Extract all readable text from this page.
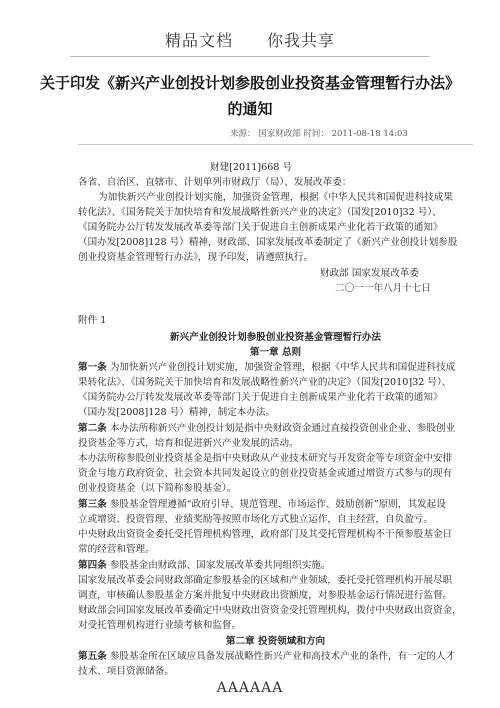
精品文档 你我共享
关于印发《新兴产业创投计划参股创业投资基金管理暂行办法》
的通知
来源： 国家财政部 时间： 2011-08-18 14:03
财建[2011]668 号
各省、自治区、直辖市、计划单列市财政厅（局）、发展改革委：
为加快新兴产业创投计划实施，加强资金管理，根据《中华人民共和国促进科技成果
转化法》、《国务院关于加快培育和发展战略性新兴产业的决定》（国发[2010]32 号）、
《国务院办公厅转发发展改革委等部门关于促进自主创新成果产业化若干政策的通知》
（国办发[2008]128 号）精神，财政部、国家发展改革委制定了《新兴产业创投计划参股
创业投资基金管理暂行办法》，现予印发，请遵照执行。
财政部 国家发展改革委
二〇一一年八月十七日
附件 1
新兴产业创投计划参股创业投资基金管理暂行办法
第一章 总则
第一条 为加快新兴产业创投计划实施，加强资金管理，根据《中华人民共和国促进科技成
果转化法》、《国务院关于加快培育和发展战略性新兴产业的决定》（国发[2010]32 号）、
《国务院办公厅转发发展改革委等部门关于促进自主创新成果产业化若干政策的通知》
（国办发[2008]128 号）精神，制定本办法。
第二条 本办法所称新兴产业创投计划是指中央财政资金通过直接投资创业企业、参股创业
投资基金等方式，培育和促进新兴产业发展的活动。
本办法所称参股创业投资基金是指中央财政从产业技术研究与开发资金等专项资金中安排
资金与地方政府资金、社会资本共同发起设立的创业投资基金或通过增资方式参与的现有
创业投资基金（以下简称参股基金）。
第三条 参股基金管理遵循“政府引导、规范管理、市场运作、鼓励创新”原则，其发起设
立或增资、投资管理、业绩奖励等按照市场化方式独立运作，自主经营，自负盈亏。
中央财政出资资金委托受托管理机构管理，政府部门及其受托管理机构不干预参股基金日
常的经营和管理。
第四条 参股基金由财政部、国家发展改革委共同组织实施。
国家发展改革委会同财政部确定参股基金的区域和产业领域，委托受托管理机构开展尽职
调查，审核确认参股基金方案并批复中央财政出资额度，对参股基金运行情况进行监督。
财政部会同国家发展改革委确定中央财政出资资金受托管理机构，拨付中央财政出资资金，
对受托管理机构进行业绩考核和监督。
第二章 投资领域和方向
第五条 参股基金所在区域应具备发展战略性新兴产业和高技术产业的条件，有一定的人才
技术、项目资源储备。
AAAAAA
